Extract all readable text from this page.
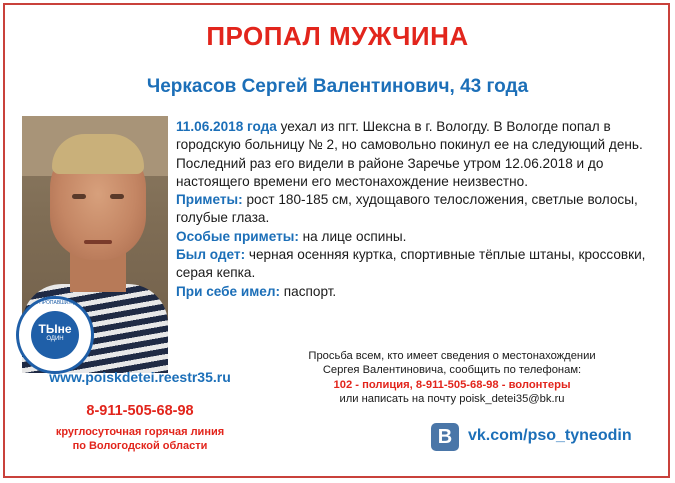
ПРОПАЛ МУЖЧИНА
Черкасов Сергей Валентинович, 43 года
ПОИСК ПРОПАВШИХ ДЕТЕЙ
ТЫне
ОДИН

11.06.2018 года уехал из пгт. Шексна в г. Вологду. В Вологде попал в городскую больницу № 2, но самовольно покинул ее на следующий день. Последний раз его видели в районе Заречье утром 12.06.2018 и до настоящего времени его местонахождение неизвестно.

Приметы: рост 180-185 см, худощавого телосложения, светлые волосы, голубые глаза.

Особые приметы: на лице оспины.

Был одет: черная осенняя куртка, спортивные тёплые штаны, кроссовки, серая кепка.

При себе имел: паспорт.

www.poiskdetei.reestr35.ru
8-911-505-68-98
круглосуточная горячая линия
по Вологодской области

Просьба всем, кто имеет сведения о местонахождении

Сергея Валентиновича, сообщить по телефонам:

102 - полиция, 8-911-505-68-98 - волонтеры

или написать на почту poisk_detei35@bk.ru

В vk.com/pso_tyneodin
